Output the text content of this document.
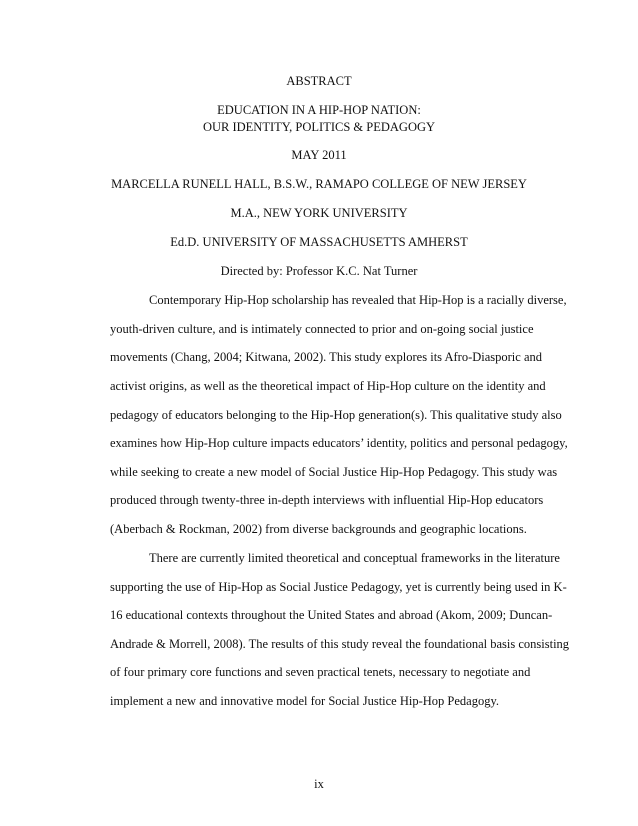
ABSTRACT
EDUCATION IN A HIP-HOP NATION:
OUR IDENTITY, POLITICS & PEDAGOGY
MAY 2011
MARCELLA RUNELL HALL, B.S.W., RAMAPO COLLEGE OF NEW JERSEY
M.A., NEW YORK UNIVERSITY
Ed.D. UNIVERSITY OF MASSACHUSETTS AMHERST
Directed by: Professor K.C. Nat Turner
Contemporary Hip-Hop scholarship has revealed that Hip-Hop is a racially diverse,
youth-driven culture, and is intimately connected to prior and on-going social justice
movements (Chang, 2004; Kitwana, 2002). This study explores its Afro-Diasporic and
activist origins, as well as the theoretical impact of Hip-Hop culture on the identity and
pedagogy of educators belonging to the Hip-Hop generation(s). This qualitative study also
examines how Hip-Hop culture impacts educators’ identity, politics and personal pedagogy,
while seeking to create a new model of Social Justice Hip-Hop Pedagogy. This study was
produced through twenty-three in-depth interviews with influential Hip-Hop educators
(Aberbach & Rockman, 2002) from diverse backgrounds and geographic locations.
There are currently limited theoretical and conceptual frameworks in the literature
supporting the use of Hip-Hop as Social Justice Pedagogy, yet is currently being used in K-
16 educational contexts throughout the United States and abroad (Akom, 2009; Duncan-
Andrade & Morrell, 2008). The results of this study reveal the foundational basis consisting
of four primary core functions and seven practical tenets, necessary to negotiate and
implement a new and innovative model for Social Justice Hip-Hop Pedagogy.
ix
